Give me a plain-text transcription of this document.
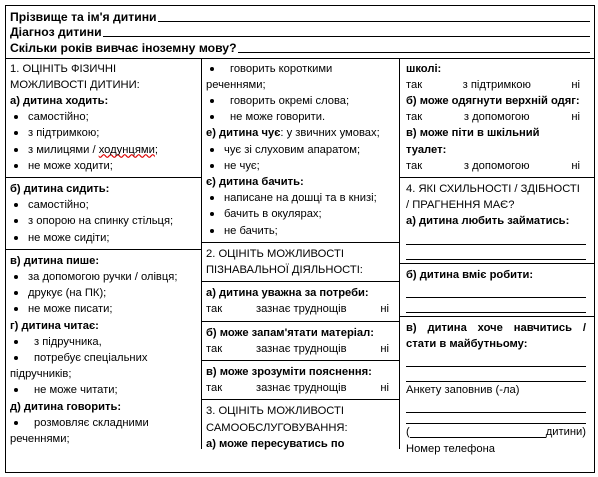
Прізвище та ім'я дитини
Діагноз дитини
Скільки років вивчає іноземну мову?
1. ОЦІНІТЬ ФІЗИЧНІ
МОЖЛИВОСТІ ДИТИНИ:
а) дитина ходить:
самостійно;
з підтримкою;
з милицями / ходунцями;
не може ходити;
б) дитина сидить:
самостійно;
з опорою на спинку стільця;
не може сидіти;
в) дитина пише:
за допомогою ручки / олівця;
друкує (на ПК);
не може писати;
г) дитина читає:
з підручника,
потребує спеціальних
підручників;
не може читати;
д) дитина говорить:
розмовляє складними
реченнями;
говорить короткими
реченнями;
говорить окремі слова;
не може говорити.
е) дитина чує: у звичних умовах;
чує зі слуховим апаратом;
не чує;
є) дитина бачить:
написане на дошці та в книзі;
бачить в окулярах;
не бачить;
2. ОЦІНІТЬ МОЖЛИВОСТІ
ПІЗНАВАЛЬНОЇ ДІЯЛЬНОСТІ:
а) дитина уважна за потреби:
так	зазнає труднощів	ні
б) може запам'ятати матеріал:
так	зазнає труднощів	ні
в) може зрозуміти пояснення:
так	зазнає труднощів	ні
3. ОЦІНІТЬ МОЖЛИВОСТІ
САМООБСЛУГОВУВАННЯ:
а) може пересуватись по
школі:
так	з підтримкою	ні
б) може одягнути верхній одяг:
так	з допомогою	ні
в) може піти в шкільний
туалет:
так	з допомогою	ні
4. ЯКІ СХИЛЬНОСТІ / ЗДІБНОСТІ
/ ПРАГНЕННЯ МАЄ?
а) дитина любить займатись:
б) дитина вміє робити:
в) дитина хоче навчитись /
стати в майбутньому:
Анкету заповнив (-ла)
(	дитини)
Номер телефона
